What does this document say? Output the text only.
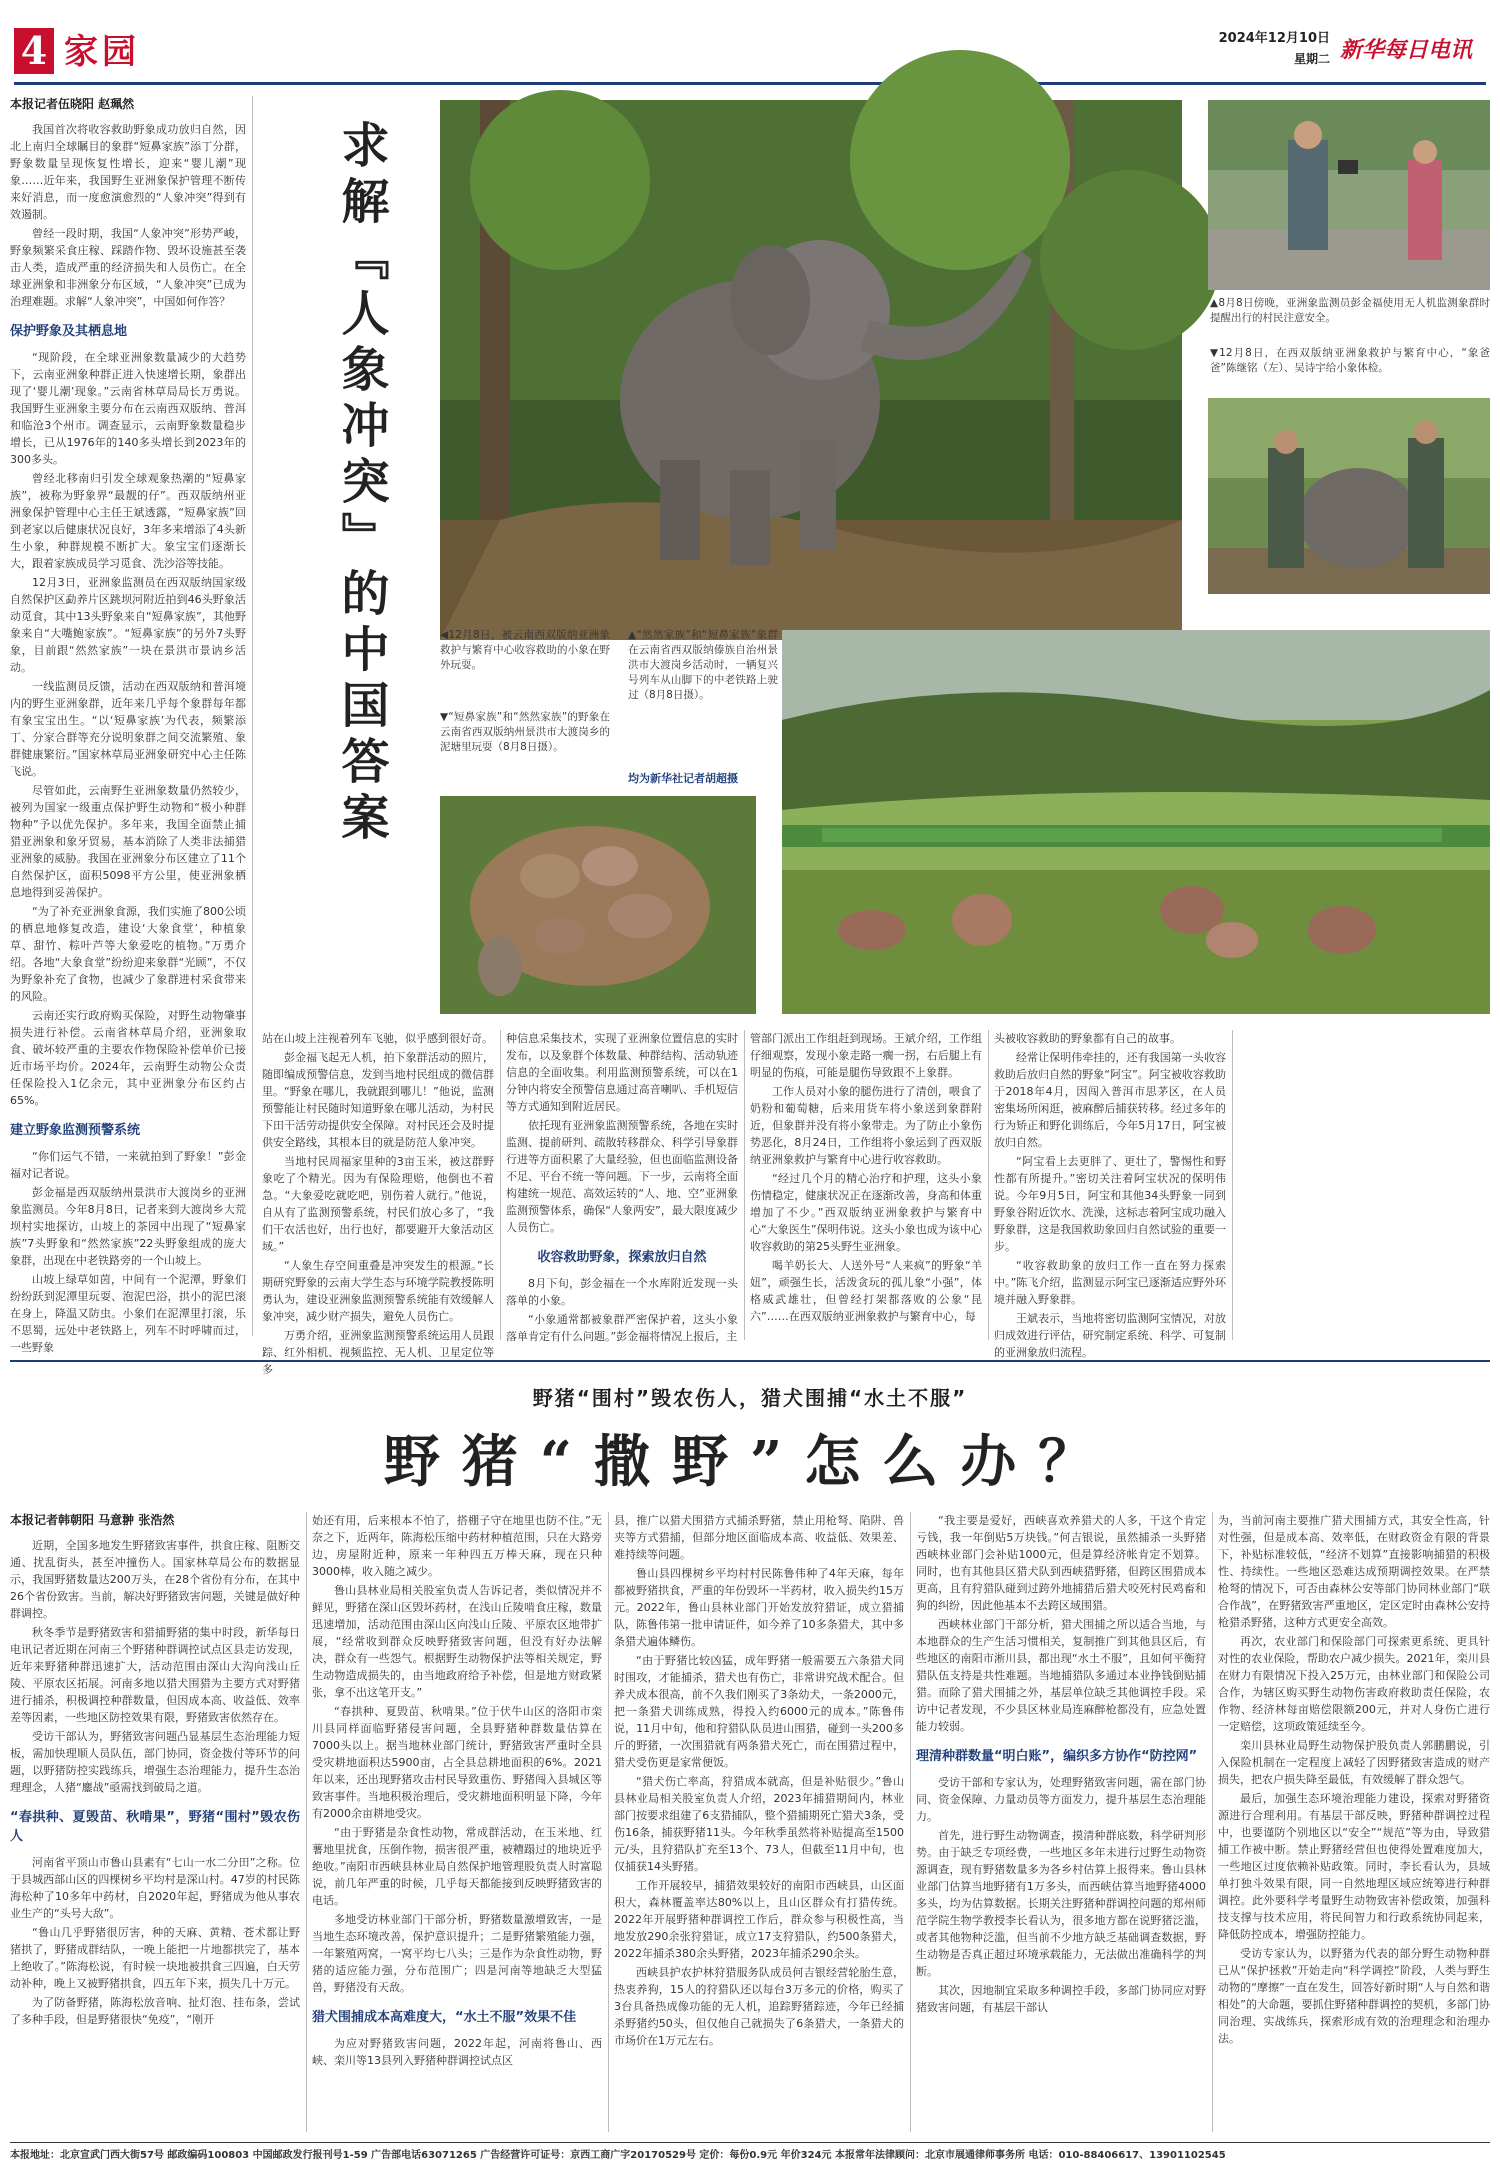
4 家园	2024年12月10日
星期二 新华每日电讯
本报记者伍晓阳 赵珮然

我国首次将收容救助野象成功放归自然，因北上南归全球瞩目的象群“短鼻家族”添丁分群，野象数量呈现恢复性增长，迎来“婴儿潮”现象……近年来，我国野生亚洲象保护管理不断传来好消息，而一度愈演愈烈的“人象冲突”得到有效遏制。

曾经一段时期，我国“人象冲突”形势严峻，野象频繁采食庄稼、踩踏作物、毁坏设施甚至袭击人类，造成严重的经济损失和人员伤亡。在全球亚洲象和非洲象分布区域，“人象冲突”已成为治理难题。求解“人象冲突”，中国如何作答？

保护野象及其栖息地

“现阶段，在全球亚洲象数量减少的大趋势下，云南亚洲象种群正进入快速增长期，象群出现了‘婴儿潮’现象。”云南省林草局局长万勇说。我国野生亚洲象主要分布在云南西双版纳、普洱和临沧3个州市。调查显示，云南野象数量稳步增长，已从1976年的140多头增长到2023年的300多头。

曾经北移南归引发全球观象热潮的“短鼻家族”，被称为野象界“最靓的仔”。西双版纳州亚洲象保护管理中心主任王斌透露，“短鼻家族”回到老家以后健康状况良好，3年多来增添了4头新生小象，种群规模不断扩大。象宝宝们逐渐长大，跟着家族成员学习觅食、洗沙浴等技能。

12月3日，亚洲象监测员在西双版纳国家级自然保护区勐养片区跳坝河附近拍到46头野象活动觅食，其中13头野象来自“短鼻家族”，其他野象来自“大嘴鲍家族”。“短鼻家族”的另外7头野象，目前跟“然然家族”一块在景洪市景讷乡活动。

一线监测员反馈，活动在西双版纳和普洱境内的野生亚洲象群，近年来几乎每个象群每年都有象宝宝出生。“以‘短鼻家族’为代表，频繁添丁、分家合群等充分说明象群之间交流繁殖、象群健康繁衍。”国家林草局亚洲象研究中心主任陈飞说。

尽管如此，云南野生亚洲象数量仍然较少，被列为国家一级重点保护野生动物和“极小种群物种”予以优先保护。多年来，我国全面禁止捕猎亚洲象和象牙贸易，基本消除了人类非法捕猎亚洲象的威胁。我国在亚洲象分布区建立了11个自然保护区，面积5098平方公里，使亚洲象栖息地得到妥善保护。

“为了补充亚洲象食源，我们实施了800公顷的栖息地修复改造，建设‘大象食堂’，种植象草、甜竹、粽叶芦等大象爱吃的植物。”万勇介绍。各地“大象食堂”纷纷迎来象群“光顾”，不仅为野象补充了食物，也减少了象群进村采食带来的风险。

云南还实行政府购买保险，对野生动物肇事损失进行补偿。云南省林草局介绍，亚洲象取食、破坏较严重的主要农作物保险补偿单价已接近市场平均价。2024年，云南野生动物公众责任保险投入1亿余元，其中亚洲象分布区约占65%。

建立野象监测预警系统

“你们运气不错，一来就拍到了野象！”彭金福对记者说。

彭金福是西双版纳州景洪市大渡岗乡的亚洲象监测员。今年8月8日，记者来到大渡岗乡大荒坝村实地探访，山坡上的茶园中出现了“短鼻家族”7头野象和“然然家族”22头野象组成的庞大象群，出现在中老铁路旁的一个山坡上。

山坡上绿草如茵，中间有一个泥潭，野象们纷纷跃到泥潭里玩耍、泡泥巴浴，拱小的泥巴滚在身上，降温又防虫。小象们在泥潭里打滚，乐不思蜀，远处中老铁路上，列车不时呼啸而过，一些野象

求解『人象冲突』的中国答案	▲8月8日傍晚，亚洲象监测员彭金福使用无人机监测象群时提醒出行的村民注意安全。
▼12月8日，在西双版纳亚洲象救护与繁育中心，“象爸爸”陈继铭（左）、吴诗宇给小象体检。
◀12月8日，被云南西双版纳亚洲象救护与繁育中心收容救助的小象在野外玩耍。
▼“短鼻家族”和“然然家族”的野象在云南省西双版纳州景洪市大渡岗乡的泥塘里玩耍（8月8日摄）。
▲“然然家族”和“短鼻家族”象群在云南省西双版纳傣族自治州景洪市大渡岗乡活动时，一辆复兴号列车从山脚下的中老铁路上驶过（8月8日摄）。
均为新华社记者胡超摄

站在山坡上注视着列车飞驰，似乎感到很好奇。

彭金福飞起无人机，拍下象群活动的照片，随即编成预警信息，发到当地村民组成的微信群里。“野象在哪儿，我就跟到哪儿！”他说，监测预警能让村民随时知道野象在哪儿活动，为村民下田干活劳动提供安全保障。对村民还会及时提供安全路线，其根本目的就是防范人象冲突。

当地村民周福家里种的3亩玉米，被这群野象吃了个精光。因为有保险理赔，他倒也不着急。“大象爱吃就吃吧，别伤着人就行。”他说，自从有了监测预警系统，村民们放心多了，“我们干农活也好，出行也好，都要避开大象活动区域。”

“人象生存空间重叠是冲突发生的根源。”长期研究野象的云南大学生态与环境学院教授陈明勇认为，建设亚洲象监测预警系统能有效缓解人象冲突，减少财产损失，避免人员伤亡。

万勇介绍，亚洲象监测预警系统运用人员跟踪、红外相机、视频监控、无人机、卫星定位等多

种信息采集技术，实现了亚洲象位置信息的实时发布，以及象群个体数量、种群结构、活动轨迹信息的全面收集。利用监测预警系统，可以在1分钟内将安全预警信息通过高音喇叭、手机短信等方式通知到附近居民。

依托现有亚洲象监测预警系统，各地在实时监测、提前研判、疏散转移群众、科学引导象群行进等方面积累了大量经验，但也面临监测设备不足、平台不统一等问题。下一步，云南将全面构建统一规范、高效运转的“人、地、空”亚洲象监测预警体系，确保“人象两安”，最大限度减少人员伤亡。

收容救助野象，探索放归自然

8月下旬，彭金福在一个水库附近发现一头落单的小象。

“小象通常都被象群严密保护着，这头小象落单肯定有什么问题。”彭金福将情况上报后，主

管部门派出工作组赶到现场。王斌介绍，工作组仔细观察，发现小象走路一瘸一拐，右后腿上有明显的伤痕，可能是腿伤导致跟不上象群。

工作人员对小象的腿伤进行了清创，喂食了奶粉和葡萄糖，后来用货车将小象送到象群附近，但象群并没有将小象带走。为了防止小象伤势恶化，8月24日，工作组将小象运到了西双版纳亚洲象救护与繁育中心进行收容救助。

“经过几个月的精心治疗和护理，这头小象伤情稳定，健康状况正在逐渐改善，身高和体重增加了不少。”西双版纳亚洲象救护与繁育中心“大象医生”保明伟说。这头小象也成为该中心收容救助的第25头野生亚洲象。

喝羊奶长大、人送外号“人来疯”的野象“羊妞”，顽强生长，活泼贪玩的孤儿象“小强”，体格威武雄壮，但曾经打架都落败的公象“昆六”……在西双版纳亚洲象救护与繁育中心，每

头被收容救助的野象都有自己的故事。

经常让保明伟牵挂的，还有我国第一头收容救助后放归自然的野象“阿宝”。阿宝被收容救助于2018年4月，因闯入普洱市思茅区，在人员密集场所闲逛，被麻醉后捕获转移。经过多年的行为矫正和野化训练后，今年5月17日，阿宝被放归自然。

“阿宝看上去更胖了、更壮了，警惕性和野性都有所提升。”密切关注着阿宝状况的保明伟说。今年9月5日，阿宝和其他34头野象一同到野象谷附近饮水、洗澡，这标志着阿宝成功融入野象群，这是我国救助象回归自然试验的重要一步。

“收容救助象的放归工作一直在努力探索中。”陈飞介绍，监测显示阿宝已逐渐适应野外环境并融入野象群。

王斌表示，当地将密切监测阿宝情况，对放归成效进行评估，研究制定系统、科学、可复制的亚洲象放归流程。

野猪“围村”毁农伤人，猎犬围捕“水土不服”
野猪“撒野”怎么办？
本报记者韩朝阳 马意翀 张浩然

近期，全国多地发生野猪致害事件，拱食庄稼、阻断交通、扰乱街头，甚至冲撞伤人。国家林草局公布的数据显示，我国野猪数量达200万头，在28个省份有分布，在其中26个省份致害。当前，解决好野猪致害问题，关键是做好种群调控。

秋冬季节是野猪致害和猎捕野猪的集中时段，新华每日电讯记者近期在河南三个野猪种群调控试点区县走访发现，近年来野猪种群迅速扩大，活动范围由深山大沟向浅山丘陵、平原农区拓展。河南多地以猎犬围猎为主要方式对野猪进行捕杀，积极调控种群数量，但因成本高、收益低、效率差等因素，一些地区防控效果有限，野猪致害依然存在。

受访干部认为，野猪致害问题凸显基层生态治理能力短板，需加快理顺人员队伍，部门协同，资金拨付等环节的问题，以野猪防控实践练兵，增强生态治理能力，提升生态治理理念，人猪“鏖战”亟需找到破局之道。

“春拱种、夏毁苗、秋啃果”，野猪“围村”毁农伤人

河南省平顶山市鲁山县素有“七山一水二分田”之称。位于县城西部山区的四棵树乡平均村是深山村。47岁的村民陈海松种了10多年中药材，自2020年起，野猪成为他从事农业生产的“头号大敌”。

“鲁山几乎野猪很厉害，种的天麻、黄精、苍术都让野猪拱了，野猪成群结队，一晚上能把一片地都拱完了，基本上绝收了。”陈海松说，有时候一块地被拱食三四遍，白天劳动补种，晚上又被野猪拱食，四五年下来，损失几十万元。

为了防备野猪，陈海松放音响、扯灯泡、挂布条，尝试了多种手段，但是野猪很快“免疫”，“刚开

始还有用，后来根本不怕了，搭棚子守在地里也防不住。”无奈之下，近两年，陈海松压缩中药材种植范围，只在大路旁边，房屋附近种，原来一年种四五万棒天麻，现在只种3000棒，收入随之减少。

鲁山县林业局相关股室负责人告诉记者，类似情况并不鲜见，野猪在深山区毁坏药材，在浅山丘陵啃食庄稼，数量迅速增加，活动范围由深山区向浅山丘陵、平原农区地带扩展，“经常收到群众反映野猪致害问题，但没有好办法解决，群众有一些怨气。根据野生动物保护法等相关规定，野生动物造成损失的，由当地政府给予补偿，但是地方财政紧张，拿不出这笔开支。”

“春拱种、夏毁苗、秋啃果。”位于伏牛山区的洛阳市栾川县同样面临野猪侵害问题，全县野猪种群数量估算在7000头以上。据当地林业部门统计，野猪致害严重时全县受灾耕地面积达5900亩，占全县总耕地面积的6%。2021年以来，还出现野猪攻击村民导致重伤、野猪闯入县城区等致害事件。当地积极治理后，受灾耕地面积明显下降，今年有2000余亩耕地受灾。

“由于野猪是杂食性动物，常成群活动，在玉米地、红薯地里扰食，压倒作物，损害很严重，被糟蹋过的地块近乎绝收。”南阳市西峡县林业局自然保护地管理股负责人时富聪说，前几年严重的时候，几乎每天都能接到反映野猪致害的电话。

多地受访林业部门干部分析，野猪数量激增致害，一是当地生态环境改善，保护意识提升；二是野猪繁殖能力强，一年繁殖两窝，一窝平均七八头；三是作为杂食性动物，野猪的适应能力强，分布范围广；四是河南等地缺乏大型猛兽，野猪没有天敌。

猎犬围捕成本高难度大，“水土不服”效果不佳

为应对野猪致害问题，2022年起，河南将鲁山、西峡、栾川等13县列入野猪种群调控试点区

县，推广以猎犬围猎方式捕杀野猪，禁止用枪弩、陷阱、兽夹等方式猎捕，但部分地区面临成本高、收益低、效果差、难持续等问题。

鲁山县四棵树乡平均村村民陈鲁伟种了4年天麻，每年都被野猪拱食，严重的年份毁坏一半药材，收入损失约15万元。2022年，鲁山县林业部门开始发放狩猎证，成立猎捕队，陈鲁伟第一批申请证件，如今养了10多条猎犬，其中多条猎犬遍体鳞伤。

“由于野猪比较凶猛，成年野猪一般需要五六条猎犬同时围攻，才能捕杀，猎犬也有伤亡，非常讲究战术配合。但养犬成本很高，前不久我们刚买了3条幼犬，一条2000元，把一条猎犬训练成熟，得投入约6000元的成本。”陈鲁伟说，11月中旬，他和狩猎队队员进山围猎，碰到一头200多斤的野猪，一次围猎就有两条猎犬死亡，而在围猎过程中，猎犬受伤更是家常便饭。

“猎犬伤亡率高，狩猎成本就高，但是补贴很少。”鲁山县林业局相关股室负责人介绍，2023年捕猎期间内，林业部门按要求组建了6支猎捕队，整个猎捕期死亡猎犬3条，受伤16条，捕获野猪11头。今年秋季虽然将补贴提高至1500元/头，且狩猎队扩充至13个、73人，但截至11月中旬，也仅捕获14头野猪。

工作开展较早，捕猎效果较好的南阳市西峡县，山区面积大，森林覆盖率达80%以上，且山区群众有打猎传统。2022年开展野猪种群调控工作后，群众参与积极性高，当地发放290余张狩猎证，成立17支狩猎队，约500条猎犬，2022年捕杀380余头野猪，2023年捕杀290余头。

西峡县护农护林狩猎服务队成员何吉银经营轮胎生意，热衷养狗，15人的狩猎队还以每台3万多元的价格，购买了3台具备热成像功能的无人机，追踪野猪踪迹，今年已经捕杀野猪约50头，但仅他自己就损失了6条猎犬，一条猎犬的市场价在1万元左右。

“我主要是爱好，西峡喜欢养猎犬的人多，干这个肯定亏钱，我一年倒贴5万块钱。”何吉银说，虽然捕杀一头野猪西峡林业部门会补贴1000元，但是算经济帐肯定不划算。同时，也有其他县区猎犬队到西峡猎野猪，但跨区围猎成本更高，且有狩猎队碰到过跨外地捕猎后猎犬咬死村民鸡畜和狗的纠纷，因此他基本不去跨区域围猎。

西峡林业部门干部分析，猎犬围捕之所以适合当地，与本地群众的生产生活习惯相关，复制推广到其他县区后，有些地区的南阳市淅川县，都出现“水土不服”，且如何平衡狩猎队伍支持是共性难题。当地捕猎队多通过本业挣钱倒贴捕猎。而除了猎犬围捕之外，基层单位缺乏其他调控手段。采访中记者发现，不少县区林业局连麻醉枪都没有，应急处置能力较弱。

理清种群数量“明白账”，编织多方协作“防控网”

受访干部和专家认为，处理野猪致害问题，需在部门协同、资金保障、力量动员等方面发力，提升基层生态治理能力。

首先，进行野生动物调查，摸清种群底数，科学研判形势。由于缺乏专项经费，一些地区多年未进行过野生动物资源调查，现有野猪数量多为各乡村估算上报得来。鲁山县林业部门估算当地野猪有1万多头，而西峡估算当地野猪4000多头，均为估算数据。长期关注野猪种群调控问题的郑州师范学院生物学教授李长看认为，很多地方都在说野猪泛滥，或者其他物种泛滥，但当前不少地方缺乏基础调查数据，野生动物是否真正超过环境承载能力，无法做出准确科学的判断。

其次，因地制宜采取多种调控手段，多部门协同应对野猪致害问题，有基层干部认

为，当前河南主要推广猎犬围捕方式，其安全性高，针对性强，但是成本高、效率低，在财政资金有限的背景下，补贴标准较低，“经济不划算”直接影响捕猎的积极性、持续性。一些地区恐难达成预期调控效果。在严禁枪弩的情况下，可否由森林公安等部门协同林业部门“联合作战”，在野猪致害严重地区，定区定时由森林公安持枪猎杀野猪，这种方式更安全高效。

再次，农业部门和保险部门可探索更系统、更具针对性的农业保险，帮助农户减少损失。2021年，栾川县在财力有限情况下投入25万元，由林业部门和保险公司合作，为辖区购买野生动物伤害政府救助责任保险，农作物、经济林每亩赔偿限额200元，并对人身伤亡进行一定赔偿，这项政策延续至今。

栾川县林业局野生动物保护股负责人郭鹏鹏说，引入保险机制在一定程度上减轻了因野猪致害造成的财产损失，把农户损失降至最低，有效缓解了群众怨气。

最后，加强生态环境治理能力建设，探索对野猪资源进行合理利用。有基层干部反映，野猪种群调控过程中，也要谨防个别地区以“安全”“规范”等为由，导致猎捕工作被中断。禁止野猪经营但也使得处置难度加大，一些地区过度依赖补贴政策。同时，李长看认为，县域单打独斗效果有限，同一自然地理区域应统筹进行种群调控。此外要科学考量野生动物致害补偿政策，加强科技支撑与技术应用，将民间智力和行政系统协同起来，降低防控成本，增强防控能力。

受访专家认为，以野猪为代表的部分野生动物种群已从“保护拯救”开始走向“科学调控”阶段，人类与野生动物的“摩擦”一直在发生，回答好新时期“人与自然和谐相处”的大命题，要抓住野猪种群调控的契机，多部门协同治理、实战练兵，探索形成有效的治理理念和治理办法。

本报地址：北京宣武门西大街57号 邮政编码100803 中国邮政发行报刊号1-59 广告部电话63071265 广告经营许可证号：京西工商广字20170529号 定价：每份0.9元 年价324元 本报常年法律顾问：北京市展通律师事务所 电话：010-88406617、13901102545
